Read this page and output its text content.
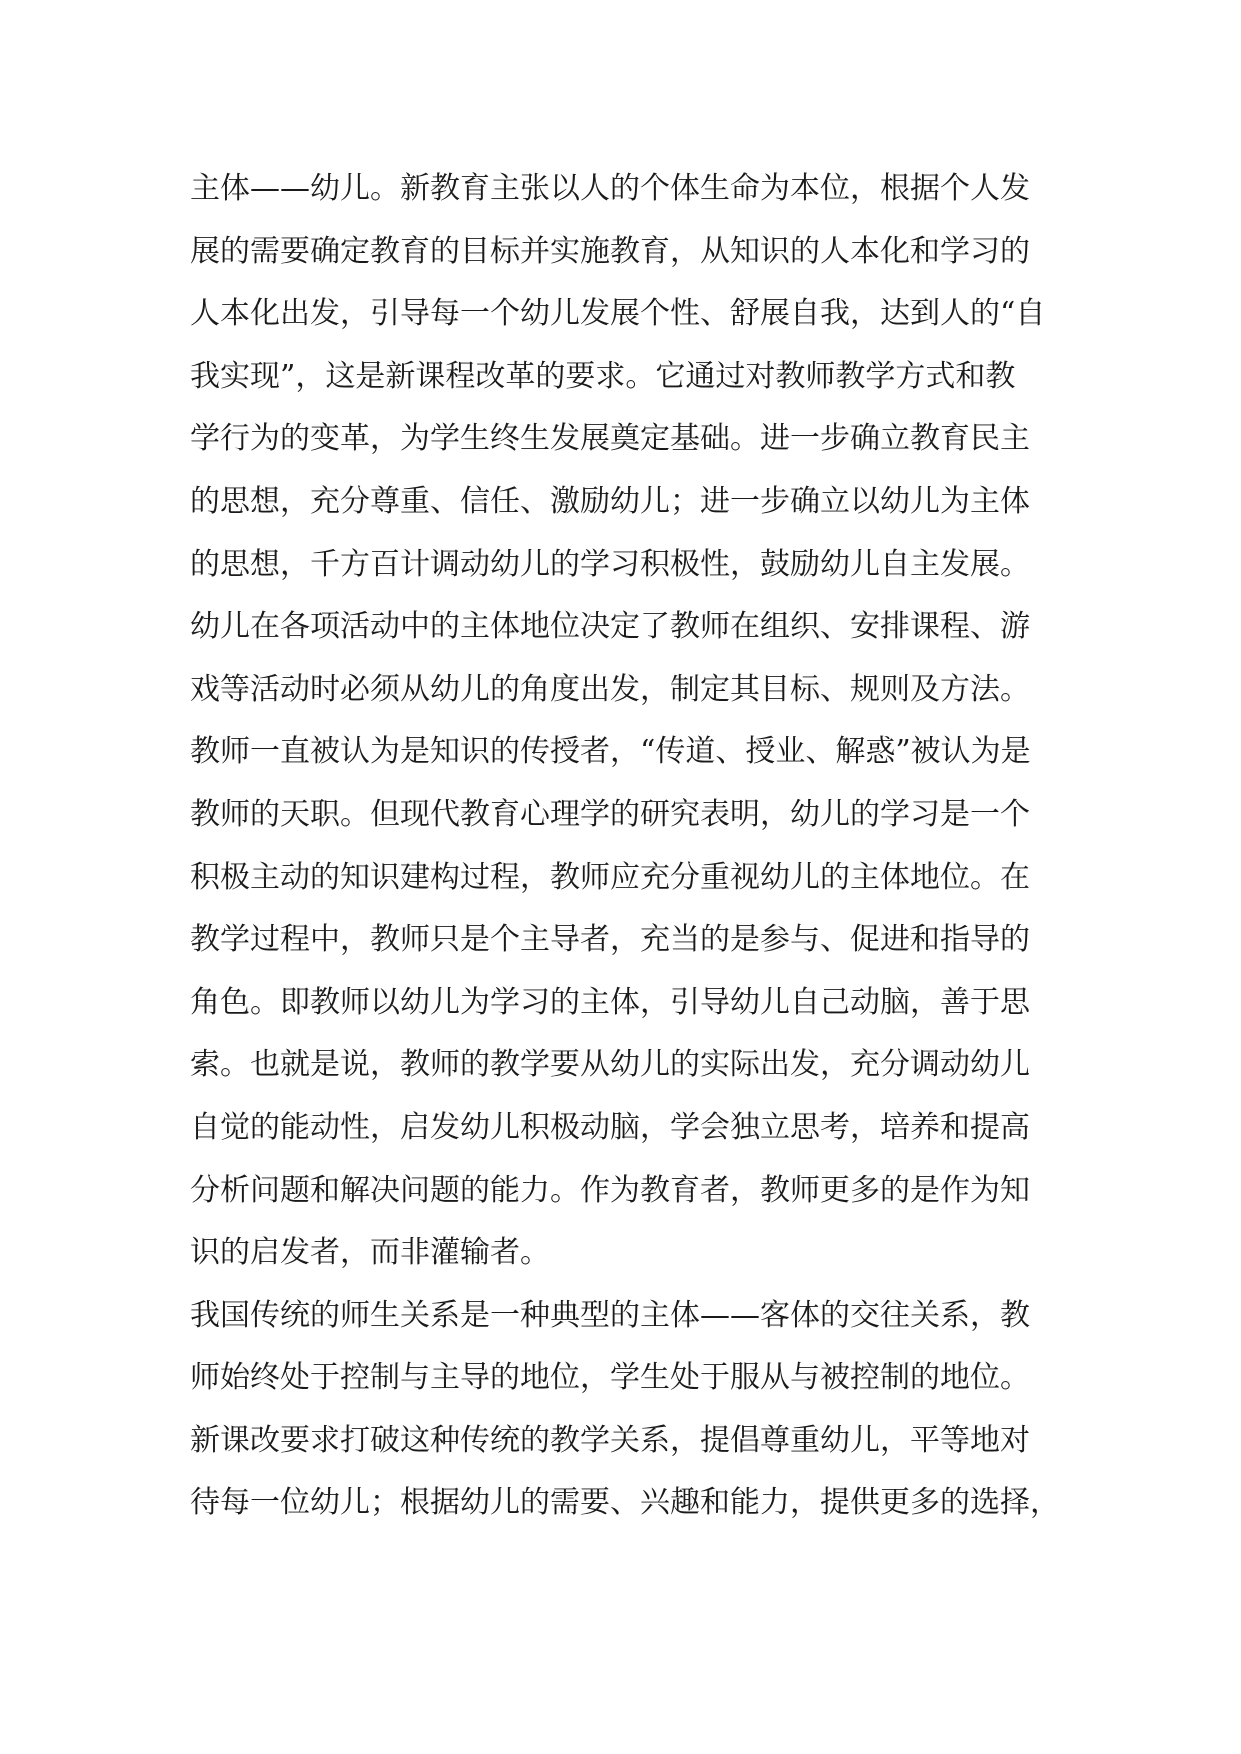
主体——幼儿。新教育主张以人的个体生命为本位，根据个人发
展的需要确定教育的目标并实施教育，从知识的人本化和学习的
人本化出发，引导每一个幼儿发展个性、舒展自我，达到人的“自
我实现”，这是新课程改革的要求。它通过对教师教学方式和教
学行为的变革，为学生终生发展奠定基础。进一步确立教育民主
的思想，充分尊重、信任、激励幼儿；进一步确立以幼儿为主体
的思想，千方百计调动幼儿的学习积极性，鼓励幼儿自主发展。
幼儿在各项活动中的主体地位决定了教师在组织、安排课程、游
戏等活动时必须从幼儿的角度出发，制定其目标、规则及方法。
教师一直被认为是知识的传授者，“传道、授业、解惑”被认为是
教师的天职。但现代教育心理学的研究表明，幼儿的学习是一个
积极主动的知识建构过程，教师应充分重视幼儿的主体地位。在
教学过程中，教师只是个主导者，充当的是参与、促进和指导的
角色。即教师以幼儿为学习的主体，引导幼儿自己动脑，善于思
索。也就是说，教师的教学要从幼儿的实际出发，充分调动幼儿
自觉的能动性，启发幼儿积极动脑，学会独立思考，培养和提高
分析问题和解决问题的能力。作为教育者，教师更多的是作为知
识的启发者，而非灌输者。
我国传统的师生关系是一种典型的主体——客体的交往关系，教
师始终处于控制与主导的地位，学生处于服从与被控制的地位。
新课改要求打破这种传统的教学关系，提倡尊重幼儿，平等地对
待每一位幼儿；根据幼儿的需要、兴趣和能力，提供更多的选择，
